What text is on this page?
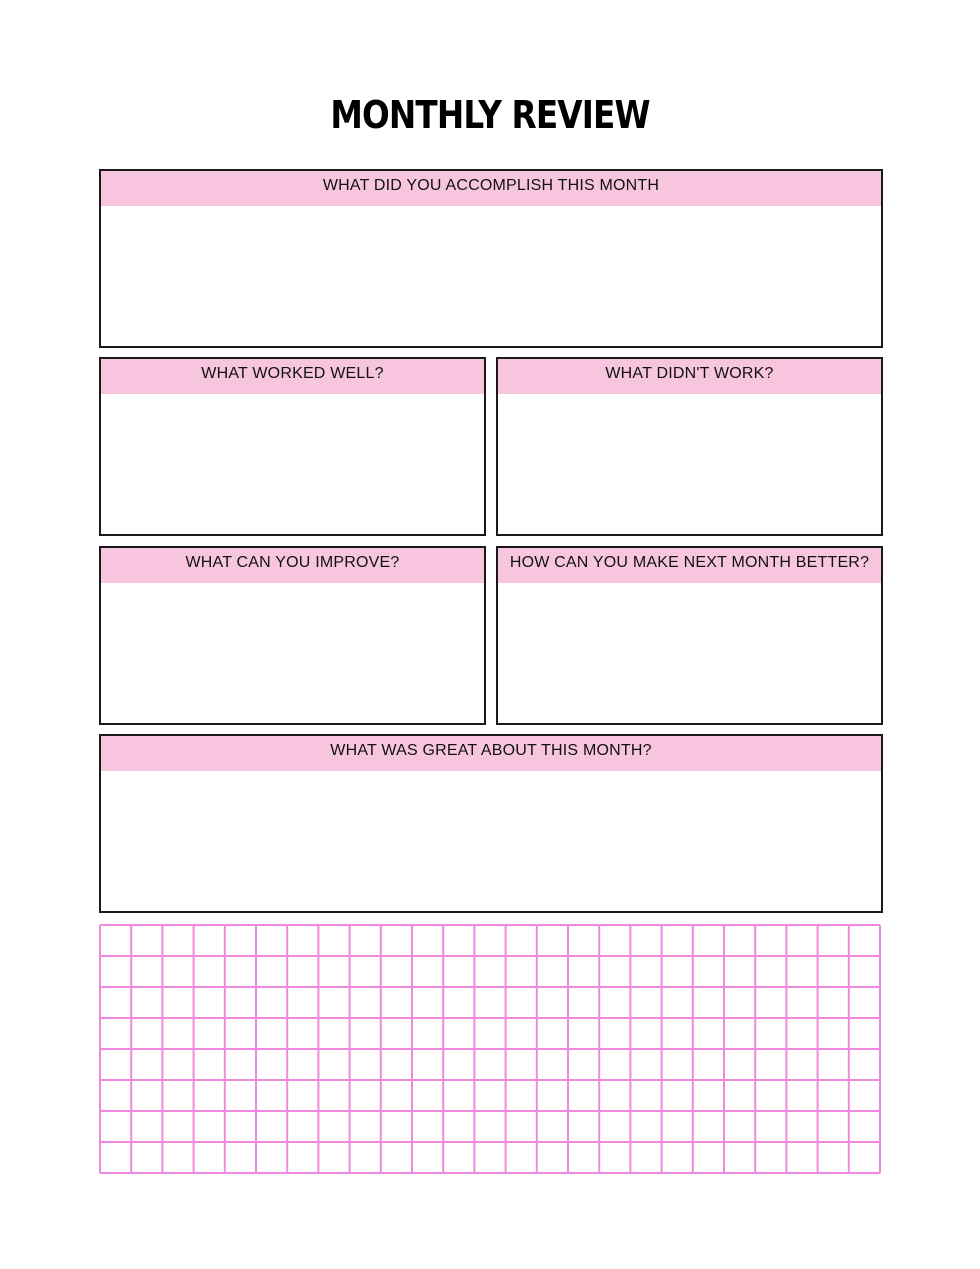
MONTHLY REVIEW
WHAT DID YOU ACCOMPLISH THIS MONTH
WHAT WORKED WELL?	WHAT DIDN'T WORK?
WHAT CAN YOU IMPROVE?	HOW CAN YOU MAKE NEXT MONTH BETTER?
WHAT WAS GREAT ABOUT THIS MONTH?
